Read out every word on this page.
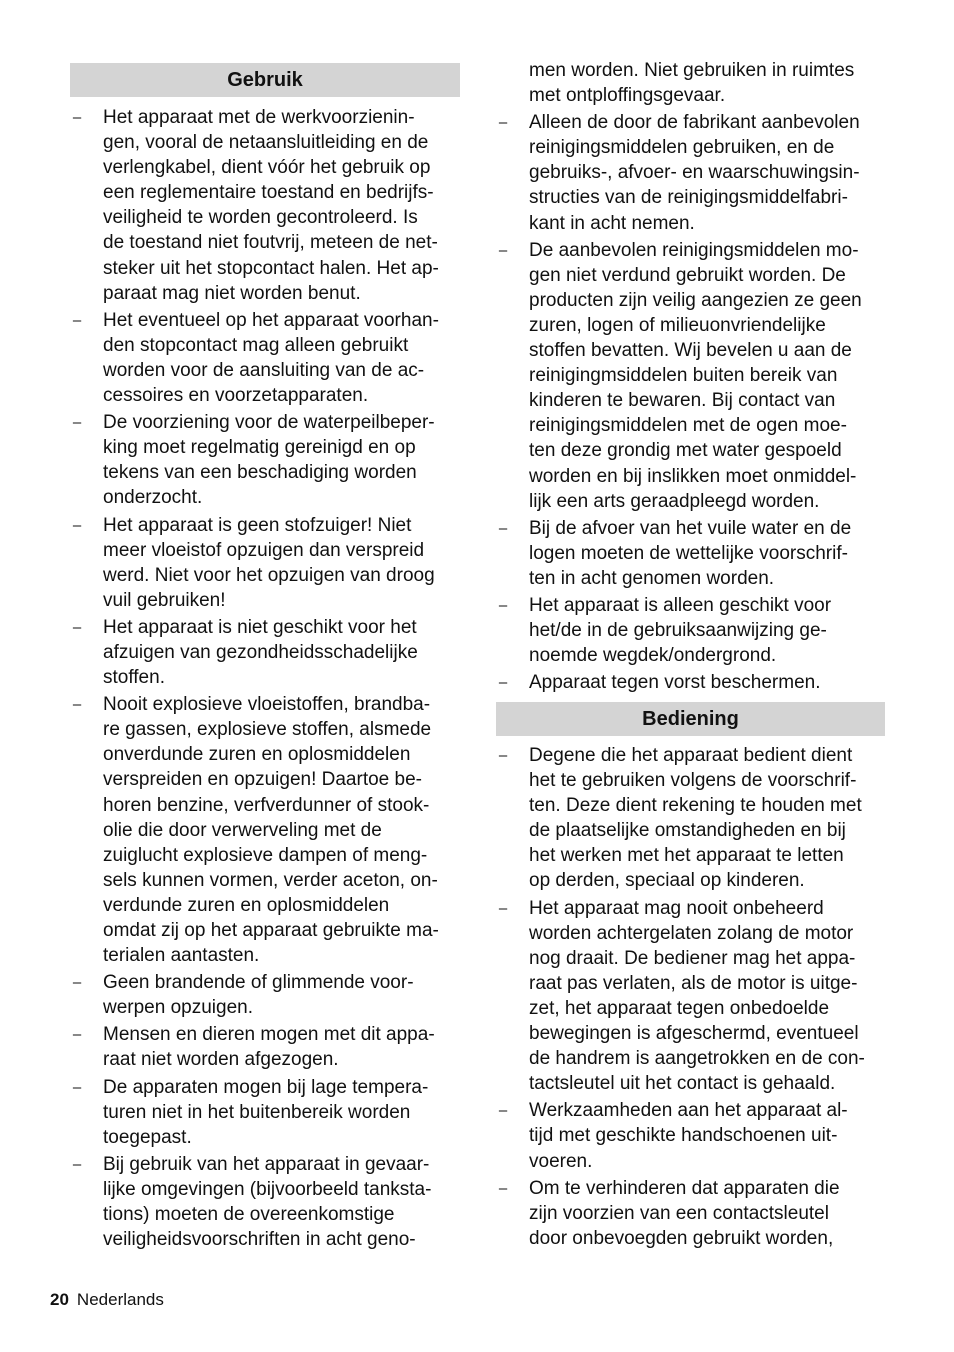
Gebruik
– Het apparaat met de werkvoorzienin-
gen, vooral de netaansluitleiding en de
verlengkabel, dient vóór het gebruik op
een reglementaire toestand en bedrijfs-
veiligheid te worden gecontroleerd. Is
de toestand niet foutvrij, meteen de net-
steker uit het stopcontact halen. Het ap-
paraat mag niet worden benut.
– Het eventueel op het apparaat voorhan-
den stopcontact mag alleen gebruikt
worden voor de aansluiting van de ac-
cessoires en voorzetapparaten.
– De voorziening voor de waterpeilbeper-
king moet regelmatig gereinigd en op
tekens van een beschadiging worden
onderzocht.
– Het apparaat is geen stofzuiger! Niet
meer vloeistof opzuigen dan verspreid
werd. Niet voor het opzuigen van droog
vuil gebruiken!
– Het apparaat is niet geschikt voor het
afzuigen van gezondheidsschadelijke
stoffen.
– Nooit explosieve vloeistoffen, brandba-
re gassen, explosieve stoffen, alsmede
onverdunde zuren en oplosmiddelen
verspreiden en opzuigen! Daartoe be-
horen benzine, verfverdunner of stook-
olie die door verwerveling met de
zuiglucht explosieve dampen of meng-
sels kunnen vormen, verder aceton, on-
verdunde zuren en oplosmiddelen
omdat zij op het apparaat gebruikte ma-
terialen aantasten.
– Geen brandende of glimmende voor-
werpen opzuigen.
– Mensen en dieren mogen met dit appa-
raat niet worden afgezogen.
– De apparaten mogen bij lage tempera-
turen niet in het buitenbereik worden
toegepast.
– Bij gebruik van het apparaat in gevaar-
lijke omgevingen (bijvoorbeeld tanksta-
tions) moeten de overeenkomstige
veiligheidsvoorschriften in acht geno-
men worden. Niet gebruiken in ruimtes
met ontploffingsgevaar.
– Alleen de door de fabrikant aanbevolen
reinigingsmiddelen gebruiken, en de
gebruiks-, afvoer- en waarschuwingsin-
structies van de reinigingsmiddelfabri-
kant in acht nemen.
– De aanbevolen reinigingsmiddelen mo-
gen niet verdund gebruikt worden. De
producten zijn veilig aangezien ze geen
zuren, logen of milieuonvriendelijke
stoffen bevatten. Wij bevelen u aan de
reinigingmsiddelen buiten bereik van
kinderen te bewaren. Bij contact van
reinigingsmiddelen met de ogen moe-
ten deze grondig met water gespoeld
worden en bij inslikken moet onmiddel-
lijk een arts geraadpleegd worden.
– Bij de afvoer van het vuile water en de
logen moeten de wettelijke voorschrif-
ten in acht genomen worden.
– Het apparaat is alleen geschikt voor
het/de in de gebruiksaanwijzing ge-
noemde wegdek/ondergrond.
– Apparaat tegen vorst beschermen.
Bediening
– Degene die het apparaat bedient dient
het te gebruiken volgens de voorschrif-
ten. Deze dient rekening te houden met
de plaatselijke omstandigheden en bij
het werken met het apparaat te letten
op derden, speciaal op kinderen.
– Het apparaat mag nooit onbeheerd
worden achtergelaten zolang de motor
nog draait. De bediener mag het appa-
raat pas verlaten, als de motor is uitge-
zet, het apparaat tegen onbedoelde
bewegingen is afgeschermd, eventueel
de handrem is aangetrokken en de con-
tactsleutel uit het contact is gehaald.
– Werkzaamheden aan het apparaat al-
tijd met geschikte handschoenen uit-
voeren.
– Om te verhinderen dat apparaten die
zijn voorzien van een contactsleutel
door onbevoegden gebruikt worden,
20 Nederlands
